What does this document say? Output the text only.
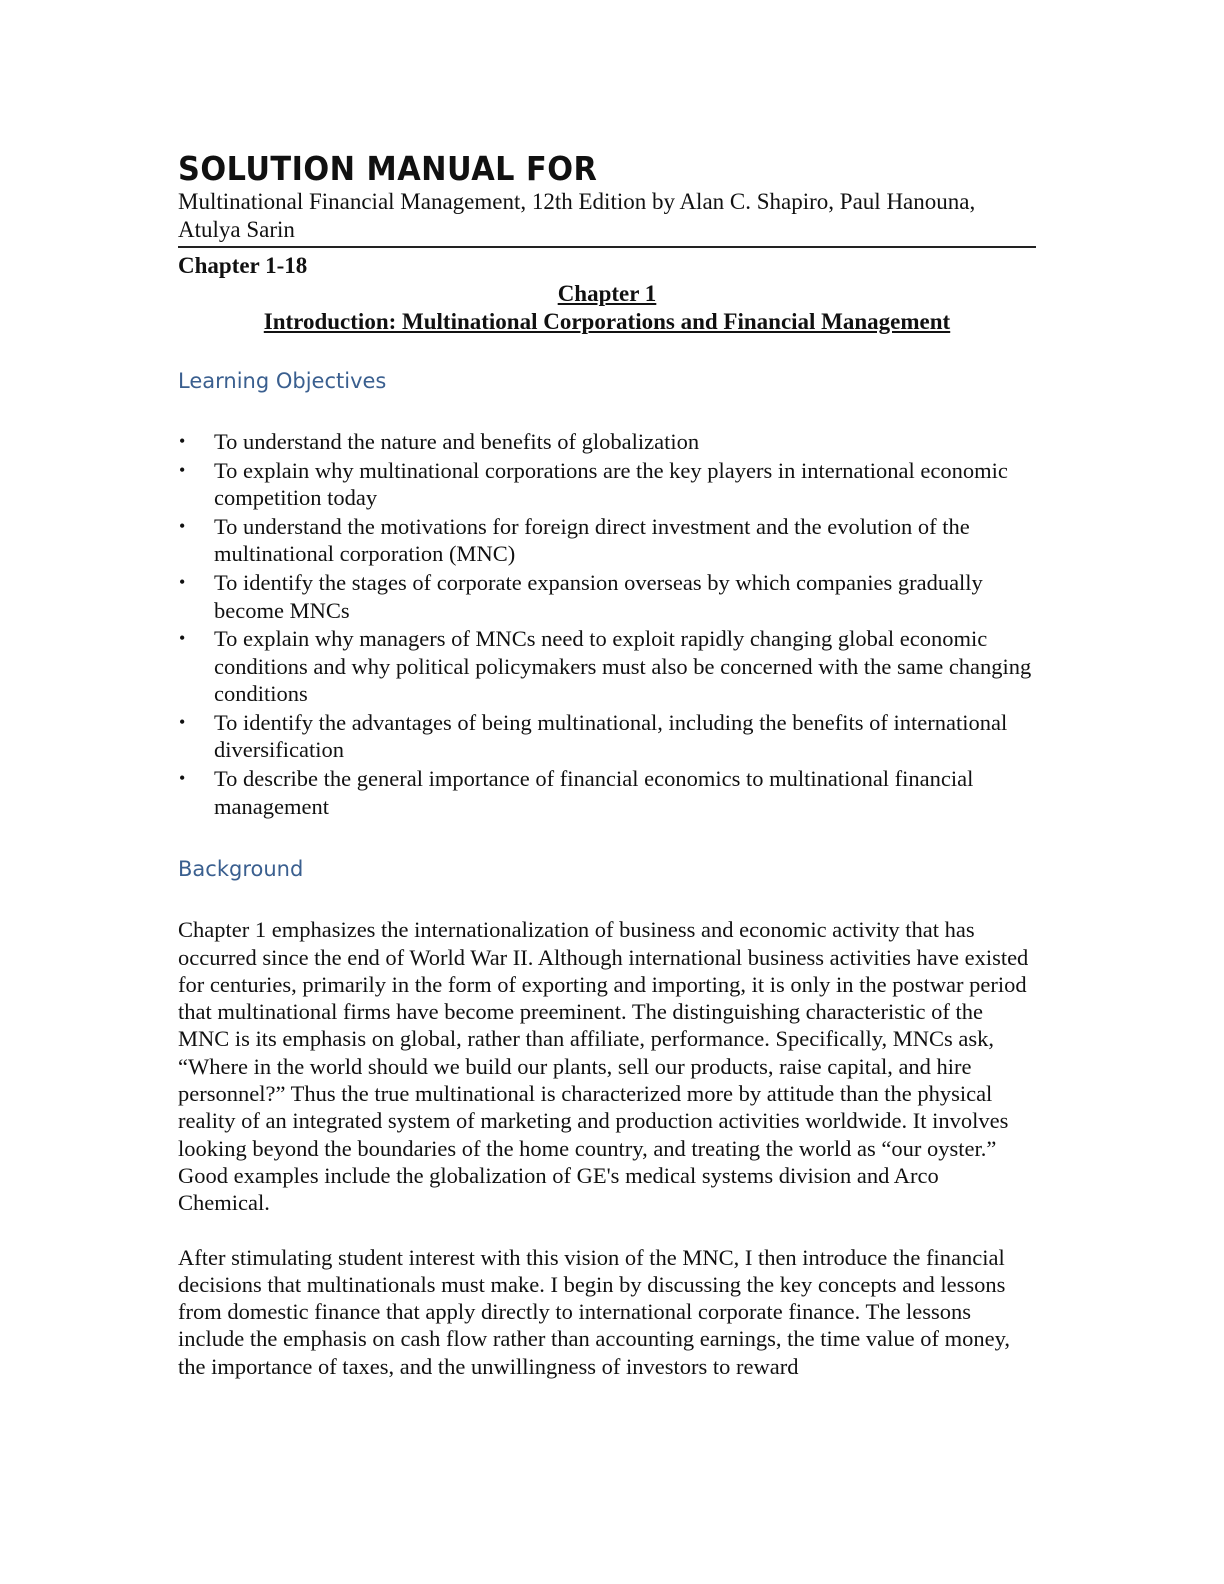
SOLUTION MANUAL FOR

Multinational Financial Management, 12th Edition by Alan C. Shapiro, Paul Hanouna, Atulya Sarin

Chapter 1-18

Chapter 1

Introduction: Multinational Corporations and Financial Management

Learning Objectives
• To understand the nature and benefits of globalization
• To explain why multinational corporations are the key players in international economic competition today
• To understand the motivations for foreign direct investment and the evolution of the multinational corporation (MNC)
• To identify the stages of corporate expansion overseas by which companies gradually become MNCs
• To explain why managers of MNCs need to exploit rapidly changing global economic conditions and why political policymakers must also be concerned with the same changing conditions
• To identify the advantages of being multinational, including the benefits of international diversification
• To describe the general importance of financial economics to multinational financial management
Background

Chapter 1 emphasizes the internationalization of business and economic activity that has occurred since the end of World War II. Although international business activities have existed for centuries, primarily in the form of exporting and importing, it is only in the postwar period that multinational firms have become preeminent. The distinguishing characteristic of the MNC is its emphasis on global, rather than affiliate, performance. Specifically, MNCs ask, “Where in the world should we build our plants, sell our products, raise capital, and hire personnel?” Thus the true multinational is characterized more by attitude than the physical reality of an integrated system of marketing and production activities worldwide. It involves looking beyond the boundaries of the home country, and treating the world as “our oyster.” Good examples include the globalization of GE's medical systems division and Arco Chemical.

After stimulating student interest with this vision of the MNC, I then introduce the financial decisions that multinationals must make. I begin by discussing the key concepts and lessons from domestic finance that apply directly to international corporate finance. The lessons include the emphasis on cash flow rather than accounting earnings, the time value of money, the importance of taxes, and the unwillingness of investors to reward
